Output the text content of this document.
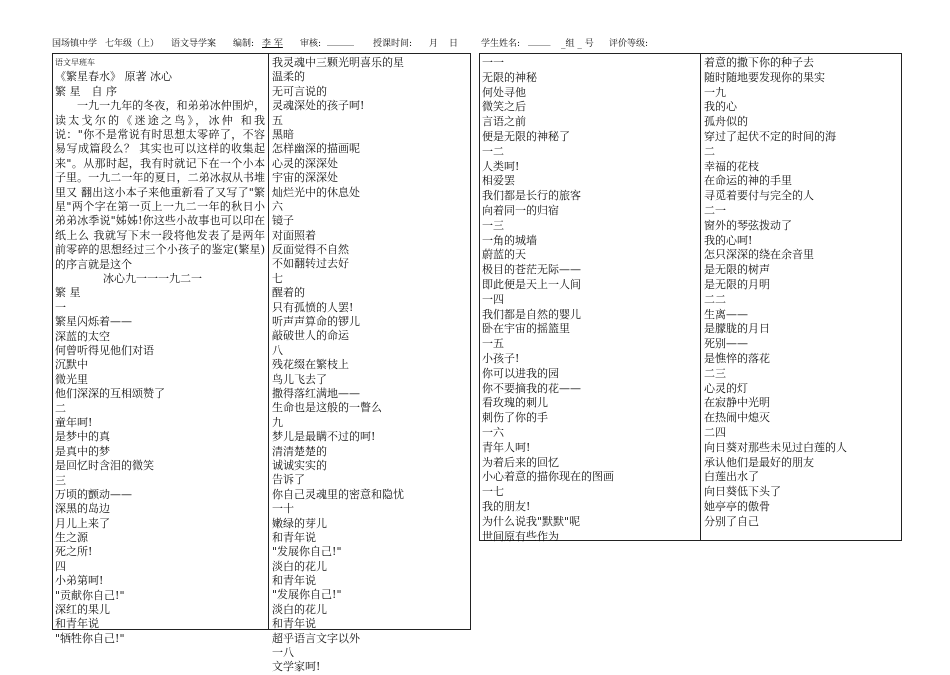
国场镇中学 七年级（上） 语文导学案 编制: 李 军 审核: ______ 授课时间: 月 日	学生姓名: _____ _组 _ 号 评价等级:
语文早班车
《繁星春水》 原著 冰心
繁 星　自 序

一九一九年的冬夜，和弟弟冰仲围炉，读太戈尔的《迷途之鸟》，冰仲 和我说："你不是常说有时思想太零碎了，不容易写成篇段么？ 其实也可以这样的收集起来"。从那时起，我有时就记下在一个小本子里。一九二一年的夏日，二弟冰叔从书堆里又 翻出这小本子来他重新看了又写了"繁星"两个字在第一页上一九二一年的秋日小弟弟冰季说"姊姊!你这些小故事也可以印在纸上么 我就写下末一段将他发表了是两年前零碎的思想经过三个小孩子的鉴定(繁星)的序言就是这个

冰心九一一一九二一

繁 星
一
繁星闪烁着——
深蓝的太空
何曾听得见他们对语
沉默中
微光里
他们深深的互相颂赞了
二
童年呵!
是梦中的真
是真中的梦
是回忆时含泪的微笑
三
万顷的颤动——
深黑的岛边
月儿上来了
生之源
死之所!
四
小弟第呵!
"贡献你自己!"
深红的果儿
和青年说
"牺牲你自己!"
我灵魂中三颗光明喜乐的星
温柔的
无可言说的
灵魂深处的孩子呵!
五
黑暗
怎样幽深的描画呢
心灵的深深处
宇宙的深深处
灿烂光中的休息处
六
镜子
对面照着
反面觉得不自然
不如翻转过去好
七
醒着的
只有孤愤的人罢!
听声声算命的锣儿
敲破世人的命运
八
残花缀在繁枝上
鸟儿飞去了
撒得落红满地——
生命也是这般的一瞥么
九
梦儿是最瞒不过的呵!
清清楚楚的
诚诚实实的
告诉了
你自己灵魂里的密意和隐忧
一十
嫩绿的芽儿
和青年说
"发展你自己!"
淡白的花儿
和青年说
"发展你自己!"
淡白的花儿
和青年说
超乎语言文字以外
一八
文学家呵!
一一
无限的神秘
何处寻他
微笑之后
言语之前
便是无限的神秘了
一二
人类呵!
相爱罢
我们都是长行的旅客
向着同一的归宿
一三
一角的城墙
蔚蓝的天
极目的苍茫无际——
即此便是天上一人间
一四
我们都是自然的婴儿
卧在宇宙的摇篮里
一五
小孩子!
你可以进我的园
你不要摘我的花——
看玫瑰的刺儿
刺伤了你的手
一六
青年人呵!
为着后来的回忆
小心着意的描你现在的图画
一七
我的朋友!
为什么说我"默默"呢
世间原有些作为
着意的撒下你的种子去
随时随地要发现你的果实
一九
我的心
孤舟似的
穿过了起伏不定的时间的海
二
幸福的花枝
在命运的神的手里
寻觅着要付与完全的人
二一
窗外的琴弦拨动了
我的心呵!
怎只深深的绕在余音里
是无限的树声
是无限的月明
二二
生离——
是朦胧的月日
死别——
是憔悴的落花
二三
心灵的灯
在寂静中光明
在热闹中熄灭
二四
向日葵对那些未见过白莲的人
承认他们是最好的朋友
白莲出水了
向日葵低下头了
她亭亭的傲骨
分别了自己
